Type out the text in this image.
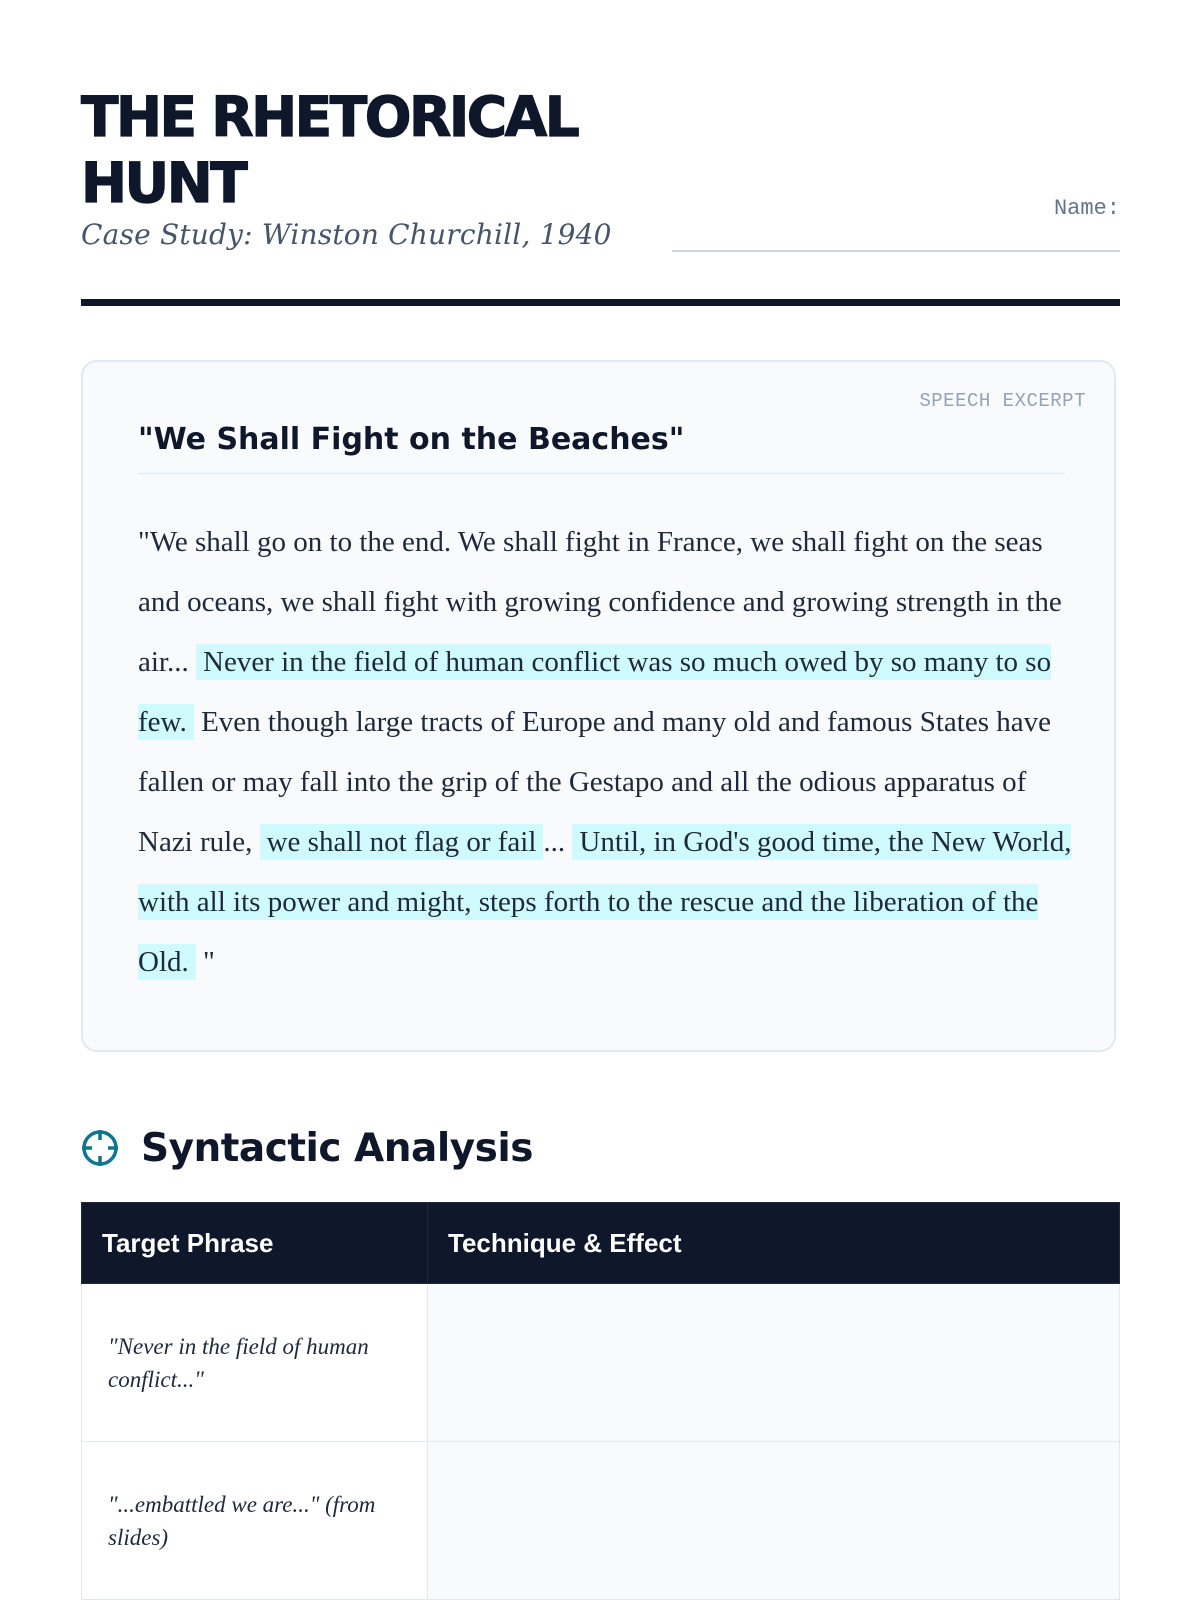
THE RHETORICAL HUNT
Case Study: Winston Churchill, 1940
Name:
SPEECH EXCERPT
"We Shall Fight on the Beaches"
"We shall go on to the end. We shall fight in France, we shall fight on the seas and oceans, we shall fight with growing confidence and growing strength in the air... Never in the field of human conflict was so much owed by so many to so few. Even though large tracts of Europe and many old and famous States have fallen or may fall into the grip of the Gestapo and all the odious apparatus of Nazi rule, we shall not flag or fail ... Until, in God's good time, the New World, with all its power and might, steps forth to the rescue and the liberation of the Old. "
Syntactic Analysis
Target Phrase	Technique & Effect
"Never in the field of human conflict..."	
"...embattled we are..." (from slides)	
